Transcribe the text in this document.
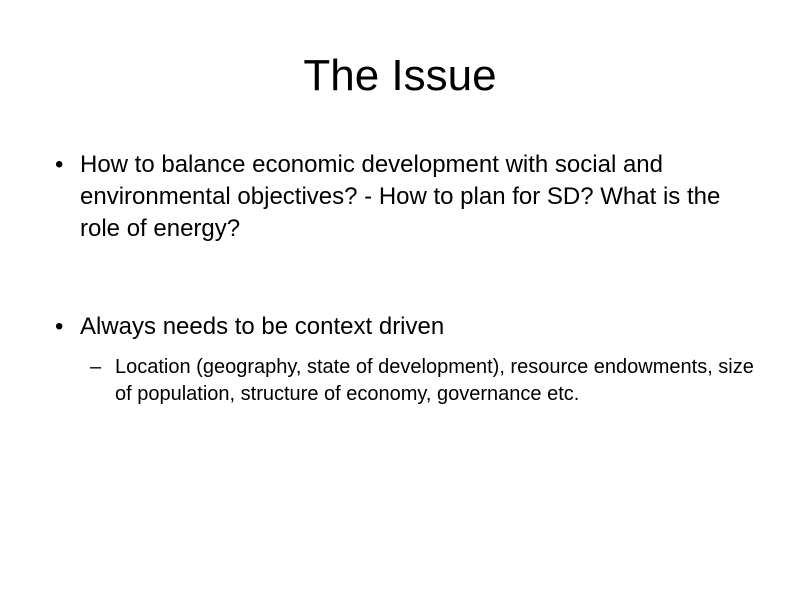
The Issue
• How to balance economic development with social and environmental objectives? - How to plan for SD? What is the role of energy?
• Always needs to be context driven
– Location (geography, state of development), resource endowments, size of population, structure of economy, governance etc.
